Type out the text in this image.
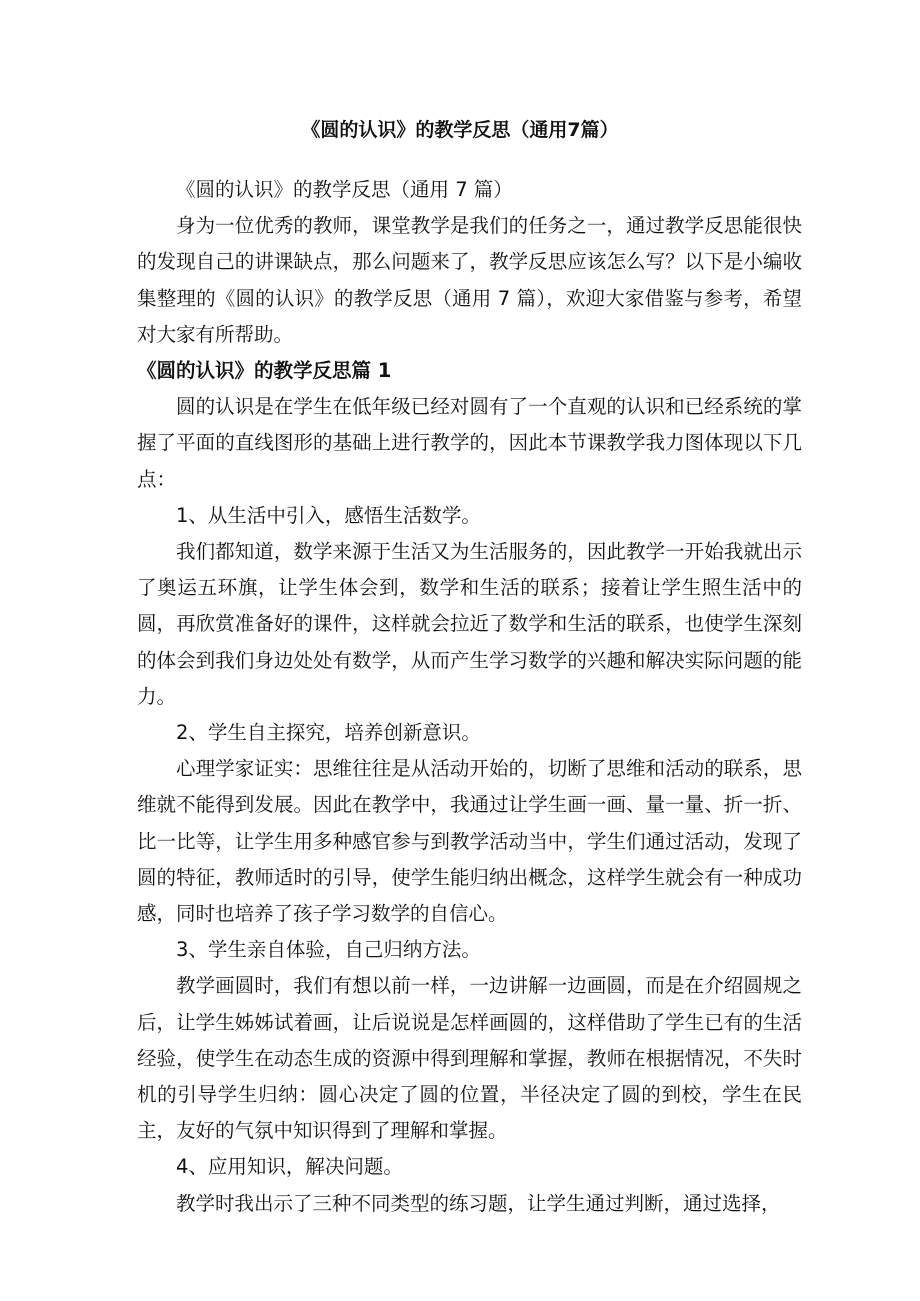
《圆的认识》的教学反思（通用7篇）

《圆的认识》的教学反思（通用 7 篇）

身为一位优秀的教师，课堂教学是我们的任务之一，通过教学反思能很快的发现自己的讲课缺点，那么问题来了，教学反思应该怎么写？以下是小编收集整理的《圆的认识》的教学反思（通用 7 篇），欢迎大家借鉴与参考，希望对大家有所帮助。

《圆的认识》的教学反思篇 1

圆的认识是在学生在低年级已经对圆有了一个直观的认识和已经系统的掌握了平面的直线图形的基础上进行教学的，因此本节课教学我力图体现以下几点：

1、从生活中引入，感悟生活数学。

我们都知道，数学来源于生活又为生活服务的，因此教学一开始我就出示了奥运五环旗，让学生体会到，数学和生活的联系；接着让学生照生活中的圆，再欣赏准备好的课件，这样就会拉近了数学和生活的联系，也使学生深刻的体会到我们身边处处有数学，从而产生学习数学的兴趣和解决实际问题的能力。

2、学生自主探究，培养创新意识。

心理学家证实：思维往往是从活动开始的，切断了思维和活动的联系，思维就不能得到发展。因此在教学中，我通过让学生画一画、量一量、折一折、比一比等，让学生用多种感官参与到教学活动当中，学生们通过活动，发现了圆的特征，教师适时的引导，使学生能归纳出概念，这样学生就会有一种成功感，同时也培养了孩子学习数学的自信心。

3、学生亲自体验，自己归纳方法。

教学画圆时，我们有想以前一样，一边讲解一边画圆，而是在介绍圆规之后，让学生姊姊试着画，让后说说是怎样画圆的，这样借助了学生已有的生活经验，使学生在动态生成的资源中得到理解和掌握，教师在根据情况，不失时机的引导学生归纳：圆心决定了圆的位置，半径决定了圆的到校，学生在民主，友好的气氛中知识得到了理解和掌握。

4、应用知识，解决问题。

教学时我出示了三种不同类型的练习题，让学生通过判断，通过选择，
